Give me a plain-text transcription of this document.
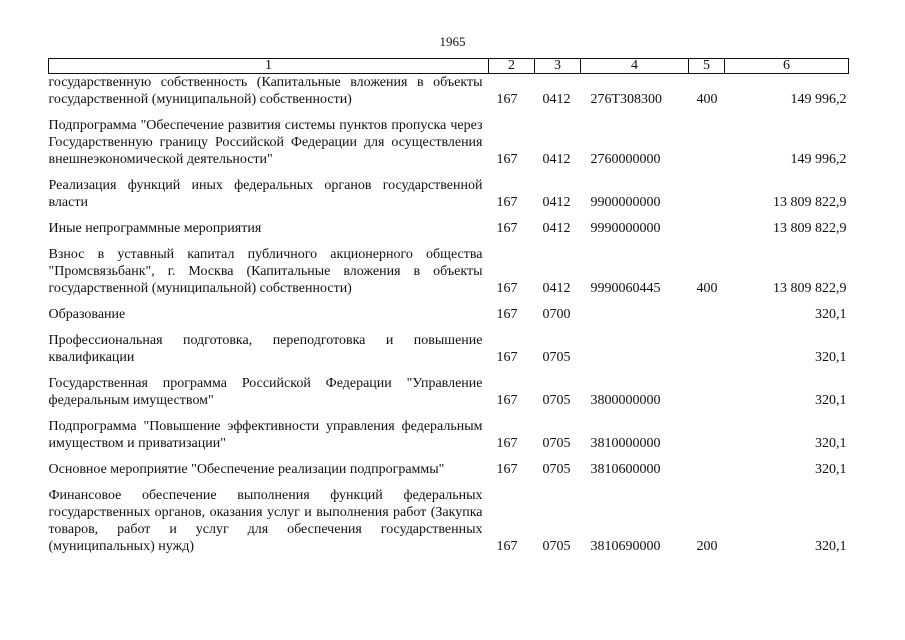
1965
1	2	3	4	5	6
государственную собственность (Капитальные вложения в объекты государственной (муниципальной) собственности)	167	0412	276Т308300	400	149 996,2

Подпрограмма "Обеспечение развития системы пунктов пропуска через Государственную границу Российской Федерации для осуществления внешнеэкономической деятельности"	167	0412	2760000000		149 996,2

Реализация функций иных федеральных органов государственной власти	167	0412	9900000000		13 809 822,9

Иные непрограммные мероприятия	167	0412	9990000000		13 809 822,9

Взнос в уставный капитал публичного акционерного общества "Промсвязьбанк", г. Москва (Капитальные вложения в объекты государственной (муниципальной) собственности)	167	0412	9990060445	400	13 809 822,9

Образование	167	0700			320,1

Профессиональная подготовка, переподготовка и повышение квалификации	167	0705			320,1

Государственная программа Российской Федерации "Управление федеральным имуществом"	167	0705	3800000000		320,1

Подпрограмма "Повышение эффективности управления федеральным имуществом и приватизации"	167	0705	3810000000		320,1

Основное мероприятие "Обеспечение реализации подпрограммы"	167	0705	3810600000		320,1

Финансовое обеспечение выполнения функций федеральных государственных органов, оказания услуг и выполнения работ (Закупка товаров, работ и услуг для обеспечения государственных (муниципальных) нужд)	167	0705	3810690000	200	320,1
